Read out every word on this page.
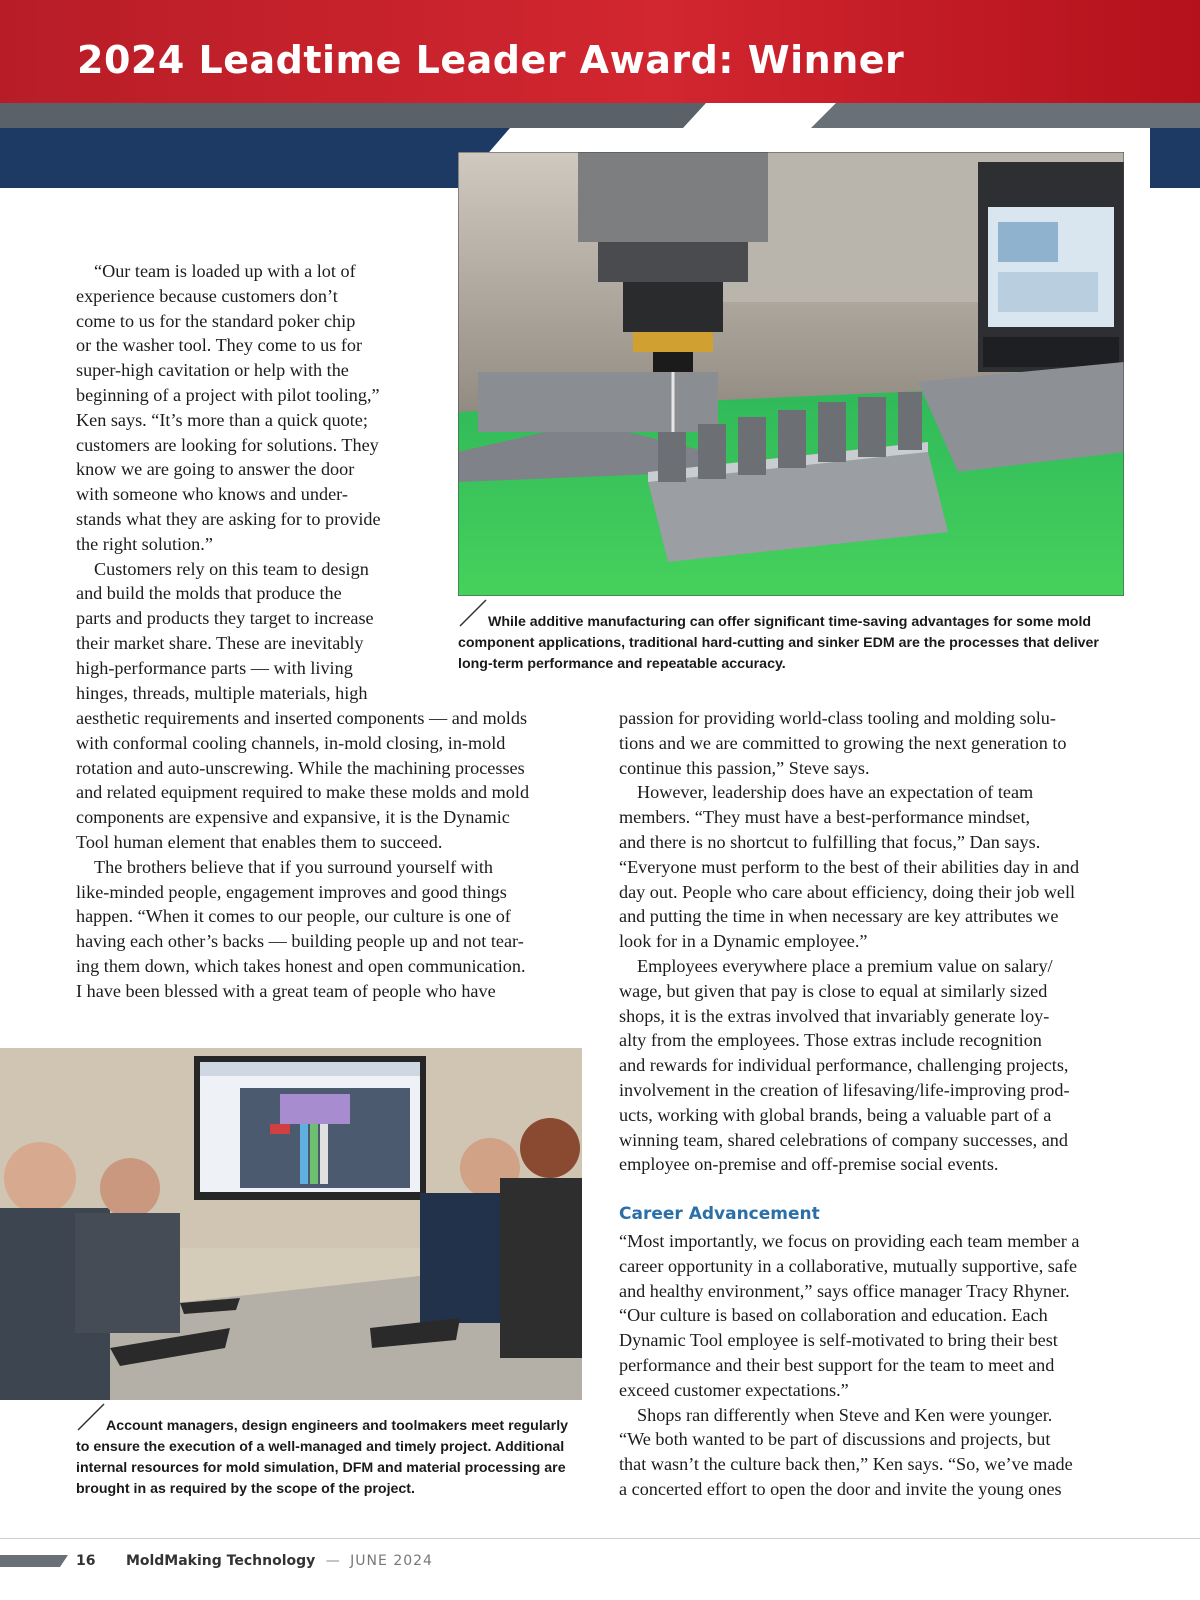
2024 Leadtime Leader Award: Winner

While additive manufacturing can offer significant time-saving advantages for some mold component applications, traditional hard-cutting and sinker EDM are the processes that deliver long-term performance and repeatable accuracy.

“Our team is loaded up with a lot of

experience because customers don’t

come to us for the standard poker chip

or the washer tool. They come to us for

super-high cavitation or help with the

beginning of a project with pilot tooling,”

Ken says. “It’s more than a quick quote;

customers are looking for solutions. They

know we are going to answer the door

with someone who knows and under-

stands what they are asking for to provide

the right solution.”

Customers rely on this team to design

and build the molds that produce the

parts and products they target to increase

their market share. These are inevitably

high-performance parts — with living

hinges, threads, multiple materials, high

aesthetic requirements and inserted components — and molds

with conformal cooling channels, in-mold closing, in-mold

rotation and auto-unscrewing. While the machining processes

and related equipment required to make these molds and mold

components are expensive and expansive, it is the Dynamic

Tool human element that enables them to succeed.

The brothers believe that if you surround yourself with

like-minded people, engagement improves and good things

happen. “When it comes to our people, our culture is one of

having each other’s backs — building people up and not tear-

ing them down, which takes honest and open communication.

I have been blessed with a great team of people who have

Account managers, design engineers and toolmakers meet regularly to ensure the execution of a well-managed and timely project. Additional internal resources for mold simulation, DFM and material processing are brought in as required by the scope of the project.

passion for providing world-class tooling and molding solu-

tions and we are committed to growing the next generation to

continue this passion,” Steve says.

However, leadership does have an expectation of team

members. “They must have a best-performance mindset,

and there is no shortcut to fulfilling that focus,” Dan says.

“Everyone must perform to the best of their abilities day in and

day out. People who care about efficiency, doing their job well

and putting the time in when necessary are key attributes we

look for in a Dynamic employee.”

Employees everywhere place a premium value on salary/

wage, but given that pay is close to equal at similarly sized

shops, it is the extras involved that invariably generate loy-

alty from the employees. Those extras include recognition

and rewards for individual performance, challenging projects,

involvement in the creation of lifesaving/life-improving prod-

ucts, working with global brands, being a valuable part of a

winning team, shared celebrations of company successes, and

employee on-premise and off-premise social events.

Career Advancement

“Most importantly, we focus on providing each team member a

career opportunity in a collaborative, mutually supportive, safe

and healthy environment,” says office manager Tracy Rhyner.

“Our culture is based on collaboration and education. Each

Dynamic Tool employee is self-motivated to bring their best

performance and their best support for the team to meet and

exceed customer expectations.”

Shops ran differently when Steve and Ken were younger.

“We both wanted to be part of discussions and projects, but

that wasn’t the culture back then,” Ken says. “So, we’ve made

a concerted effort to open the door and invite the young ones

16 MoldMaking Technology — JUNE 2024
